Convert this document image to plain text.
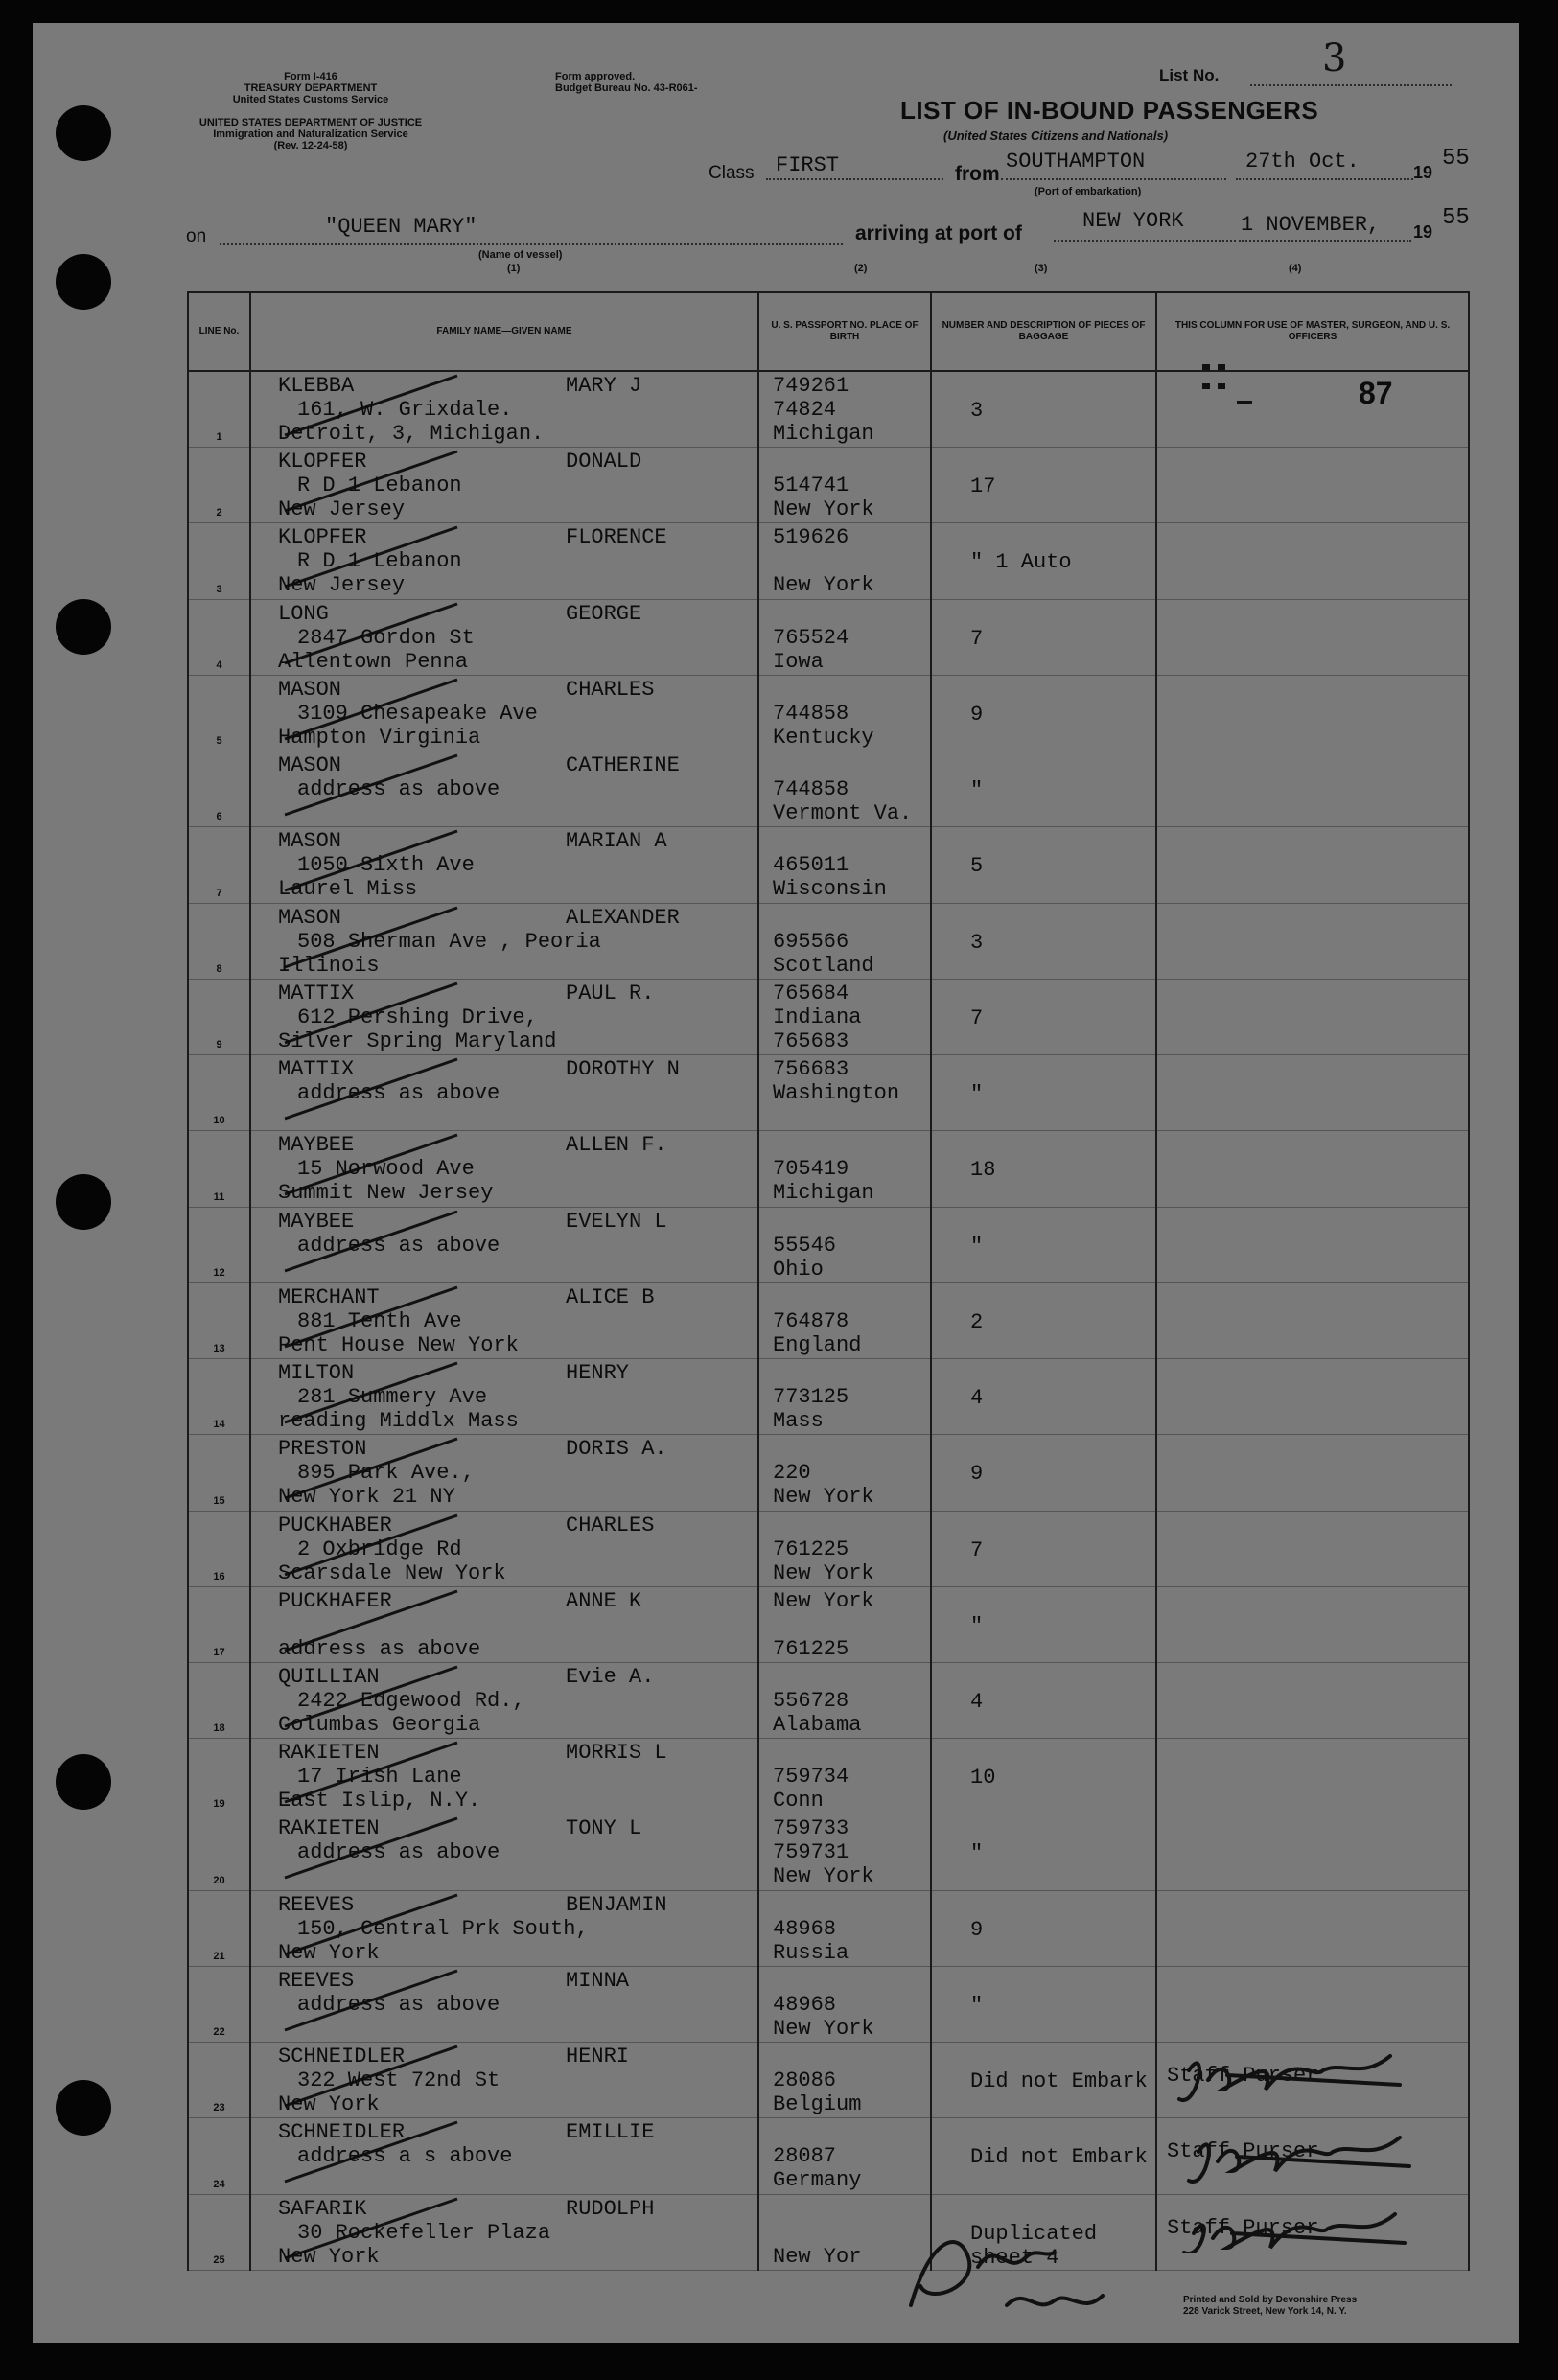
Form I-416
TREASURY DEPARTMENT
United States Customs Service
UNITED STATES DEPARTMENT OF JUSTICE
Immigration and Naturalization Service
(Rev. 12-24-58)
Form approved.
Budget Bureau No. 43-R061-
List No.	3
LIST OF IN-BOUND PASSENGERS
(United States Citizens and Nationals)
Class FIRST	from
SOUTHAMPTON
(Port of embarkation)
27th Oct.	19
55
on	"QUEEN MARY"
(Name of vessel)
(1)
arriving at port of
NEW YORK	1 NOVEMBER, 19
55
(2)	(3)	(4)
LINE No.	FAMILY NAME—GIVEN NAME	U. S. PASSPORT NO. PLACE OF BIRTH	NUMBER AND DESCRIPTION OF PIECES OF BAGGAGE	THIS COLUMN FOR USE OF MASTER, SURGEON, AND U. S. OFFICERS

1	KLEBBA MARY J
161, W. Grixdale.
Detroit, 3, Michigan.	749261
74824
Michigan	3	87

2	KLOPFER DONALD
R D 1 Lebanon
New Jersey	514741
New York	17	

3	KLOPFER FLORENCE
R D 1 Lebanon
New Jersey	519626
New York	" 1 Auto	

4	LONG GEORGE
2847 Gordon St
Allentown Penna	765524
Iowa	7	

5	MASON CHARLES
3109 Chesapeake Ave
Hampton Virginia	744858
Kentucky	9	

6	MASON CATHERINE
address as above	744858
Vermont Va.	"	

7	MASON MARIAN A
1050 Sixth Ave
Laurel Miss	465011
Wisconsin	5	

8	MASON ALEXANDER
508 Sherman Ave , Peoria
Illinois	695566
Scotland	3	

9	MATTIX PAUL R.
612 Pershing Drive,
Silver Spring Maryland	765684
Indiana
765683	7	

10	MATTIX DOROTHY N
address as above	756683
Washington	"	

11	MAYBEE ALLEN F.
15 Norwood Ave
Summit New Jersey	705419
Michigan	18	

12	MAYBEE EVELYN L
address as above	55546
Ohio	"	

13	MERCHANT ALICE B
881 Tenth Ave
Pent House New York	764878
England	2	

14	MILTON HENRY
281 Summery Ave
reading Middlx Mass	773125
Mass	4	

15	PRESTON DORIS A.
895 Park Ave.,
New York 21 NY	220
New York	9	

16	PUCKHABER CHARLES
2 Oxbridge Rd
Scarsdale New York	761225
New York	7	

17	PUCKHAFER ANNE K
address as above	New York
761225	"	

18	QUILLIAN Evie A.
2422 Edgewood Rd.,
Columbas Georgia	556728
Alabama	4	

19	RAKIETEN MORRIS L
17 Irish Lane
East Islip, N.Y.	759734
Conn	10	

20	RAKIETEN TONY L
address as above	759733
759731
New York	"	

21	REEVES BENJAMIN
150, Central Prk South,
New York	48968
Russia	9	

22	REEVES MINNA
address as above	48968
New York	"	

23	SCHNEIDLER HENRI
322 West 72nd St
New York	28086
Belgium	Did not Embark	Staff Purser

24	SCHNEIDLER EMILLIE
address a s above	28087
Germany	Did not Embark	Staff Purser

25	SAFARIK RUDOLPH
30 Rockefeller Plaza
New York	New Yor	Duplicated sheet 4	Staff Purser
Printed and Sold by Devonshire Press
228 Varick Street, New York 14, N. Y.
U.S.C.
